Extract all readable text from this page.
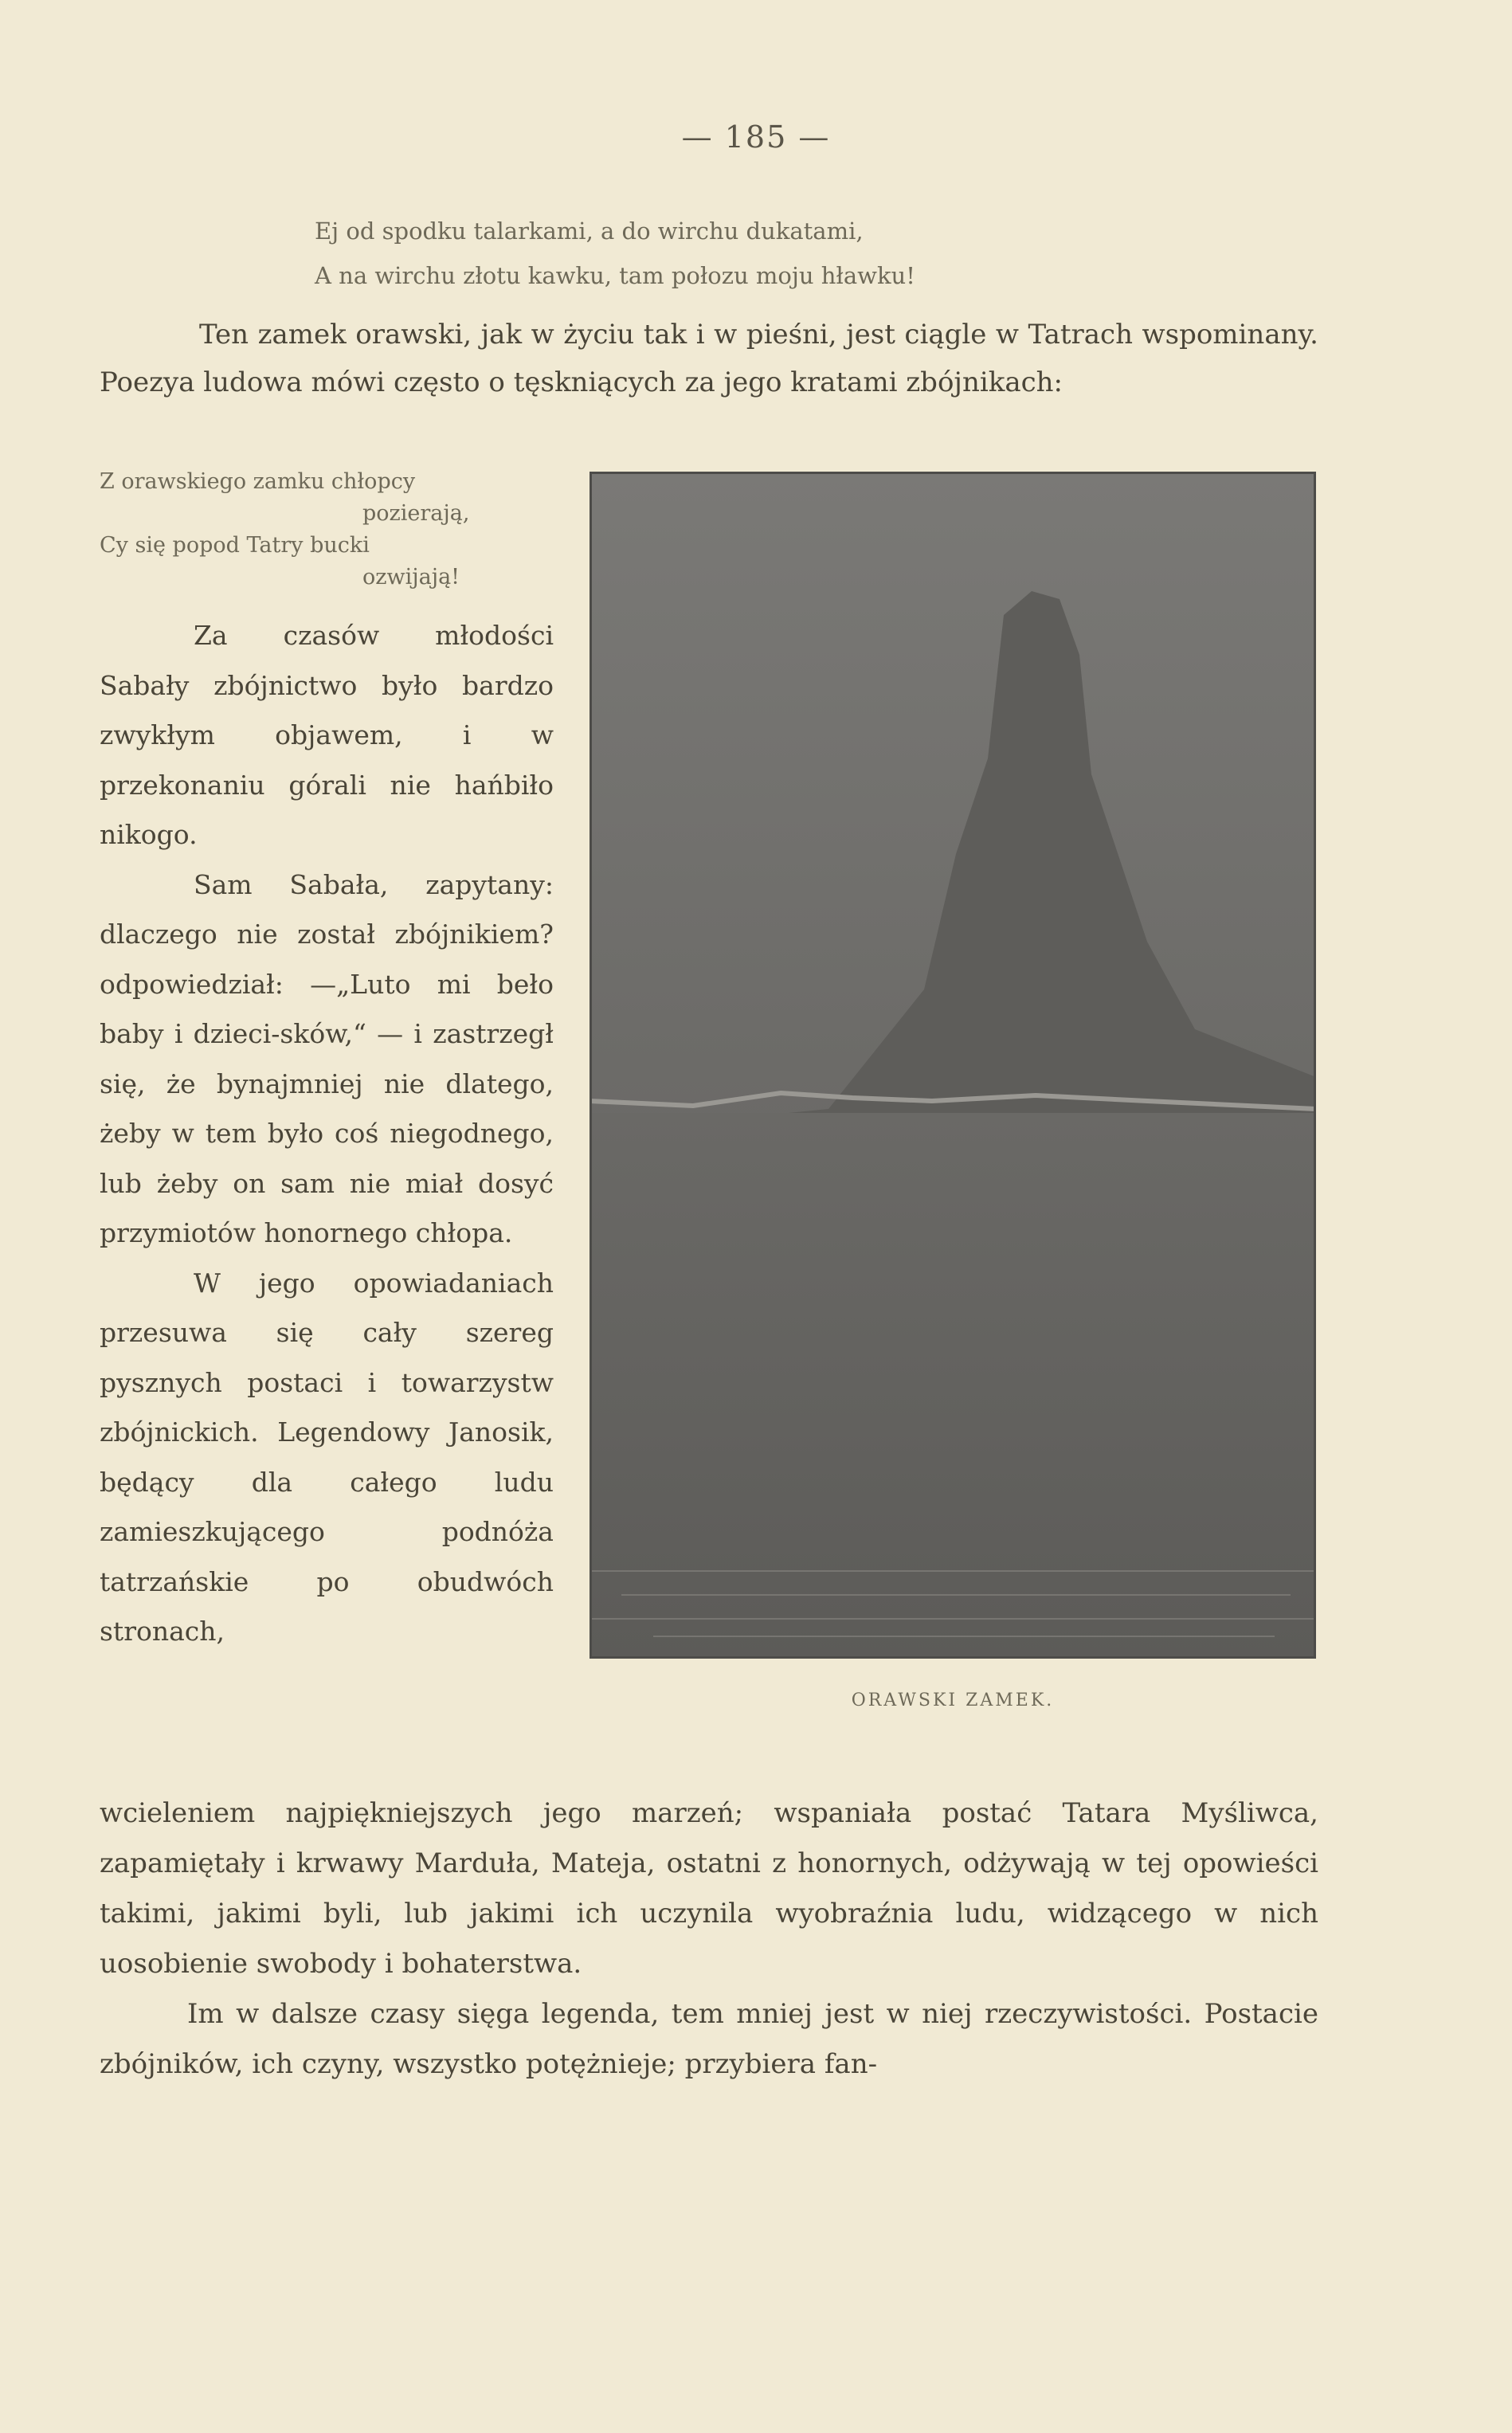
— 185 —
Ej od spodku talarkami, a do wirchu dukatami,
A na wirchu złotu kawku, tam połozu moju hławku!
Ten zamek orawski, jak w życiu tak i w pieśni, jest ciągle w Tatrach wspominany. Poezya ludowa mówi często o tęskniących za jego kratami zbójnikach:
Z orawskiego zamku chłopcy
pozierają,
Cy się popod Tatry bucki
ozwijają!

Za czasów młodości Sabały zbójnictwo było bardzo zwykłym objawem, i w przekonaniu górali nie hańbiło nikogo.

Sam Sabała, zapytany: dlaczego nie został zbójnikiem? odpowiedział: —„Luto mi beło baby i dzieci-sków,“ — i zastrzegł się, że bynajmniej nie dlatego, żeby w tem było coś niegodnego, lub żeby on sam nie miał dosyć przymiotów honornego chłopa.

W jego opowiadaniach przesuwa się cały szereg pysznych postaci i towarzystw zbójnickich. Legendowy Janosik, będący dla całego ludu zamieszkującego podnóża tatrzańskie po obudwóch stronach,

ORAWSKI ZAMEK.

wcieleniem najpiękniejszych jego marzeń; wspaniała postać Tatara Myśliwca, zapamiętały i krwawy Marduła, Mateja, ostatni z honornych, odżywają w tej opowieści takimi, jakimi byli, lub jakimi ich uczynila wyobraźnia ludu, widzącego w nich uosobienie swobody i bohaterstwa.

Im w dalsze czasy sięga legenda, tem mniej jest w niej rzeczywistości. Postacie zbójników, ich czyny, wszystko potężnieje; przybiera fan-
